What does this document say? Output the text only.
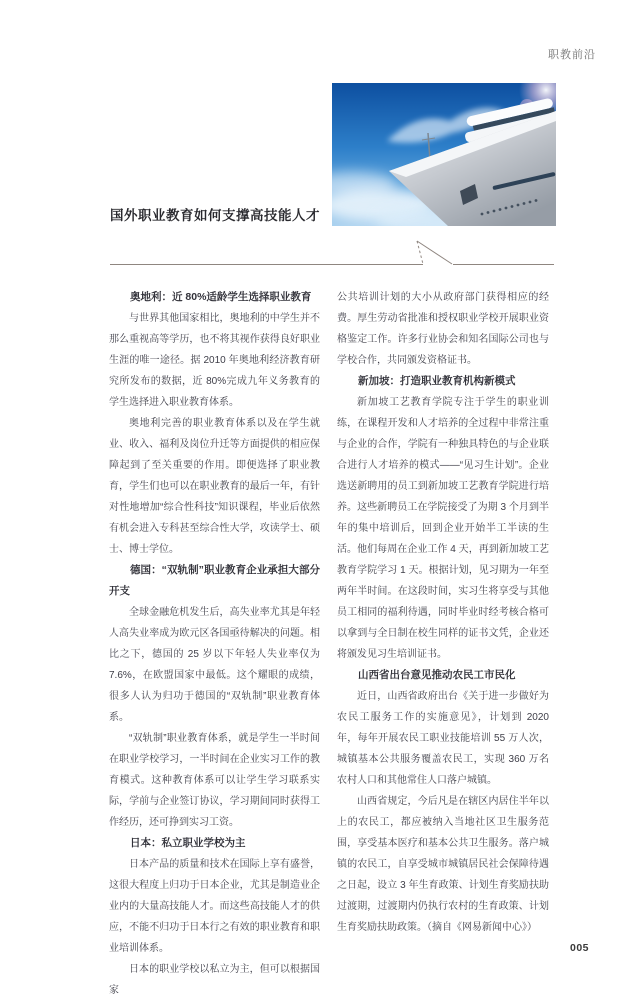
职教前沿
国外职业教育如何支撑高技能人才
奥地利：近 80%适龄学生选择职业教育

与世界其他国家相比，奥地利的中学生并不那么重视高等学历，也不将其视作获得良好职业生涯的唯一途径。据 2010 年奥地利经济教育研究所发布的数据，近 80%完成九年义务教育的学生选择进入职业教育体系。

奥地利完善的职业教育体系以及在学生就业、收入、福利及岗位升迁等方面提供的相应保障起到了至关重要的作用。即便选择了职业教育，学生们也可以在职业教育的最后一年，有针对性地增加“综合性科技”知识课程，毕业后依然有机会进入专科甚至综合性大学，攻读学士、硕士、博士学位。

德国：“双轨制”职业教育企业承担大部分开支

全球金融危机发生后，高失业率尤其是年轻人高失业率成为欧元区各国亟待解决的问题。相比之下，德国的 25 岁以下年轻人失业率仅为 7.6%，在欧盟国家中最低。这个耀眼的成绩，很多人认为归功于德国的“双轨制”职业教育体系。

“双轨制”职业教育体系，就是学生一半时间在职业学校学习，一半时间在企业实习工作的教育模式。这种教育体系可以让学生学习联系实际，学前与企业签订协议，学习期间同时获得工作经历，还可挣到实习工资。

日本：私立职业学校为主

日本产品的质量和技术在国际上享有盛誉，这很大程度上归功于日本企业，尤其是制造业企业内的大量高技能人才。而这些高技能人才的供应，不能不归功于日本行之有效的职业教育和职业培训体系。

日本的职业学校以私立为主，但可以根据国家

公共培训计划的大小从政府部门获得相应的经费。厚生劳动省批准和授权职业学校开展职业资格鉴定工作。许多行业协会和知名国际公司也与学校合作，共同颁发资格证书。

新加坡：打造职业教育机构新模式

新加坡工艺教育学院专注于学生的职业训练，在课程开发和人才培养的全过程中非常注重与企业的合作，学院有一种独具特色的与企业联合进行人才培养的模式——“见习生计划”。企业选送新聘用的员工到新加坡工艺教育学院进行培养。这些新聘员工在学院接受了为期 3 个月到半年的集中培训后，回到企业开始半工半读的生活。他们每周在企业工作 4 天，再到新加坡工艺教育学院学习 1 天。根据计划，见习期为一年至两年半时间。在这段时间，实习生将享受与其他员工相同的福利待遇，同时毕业时经考核合格可以拿到与全日制在校生同样的证书文凭，企业还将颁发见习生培训证书。

山西省出台意见推动农民工市民化

近日，山西省政府出台《关于进一步做好为农民工服务工作的实施意见》，计划到 2020 年，每年开展农民工职业技能培训 55 万人次，城镇基本公共服务覆盖农民工，实现 360 万名农村人口和其他常住人口落户城镇。

山西省规定，今后凡是在辖区内居住半年以上的农民工，都应被纳入当地社区卫生服务范围，享受基本医疗和基本公共卫生服务。落户城镇的农民工，自享受城市城镇居民社会保障待遇之日起，设立 3 年生育政策、计划生育奖励扶助过渡期，过渡期内仍执行农村的生育政策、计划生育奖励扶助政策。（摘自《网易新闻中心》）

005
